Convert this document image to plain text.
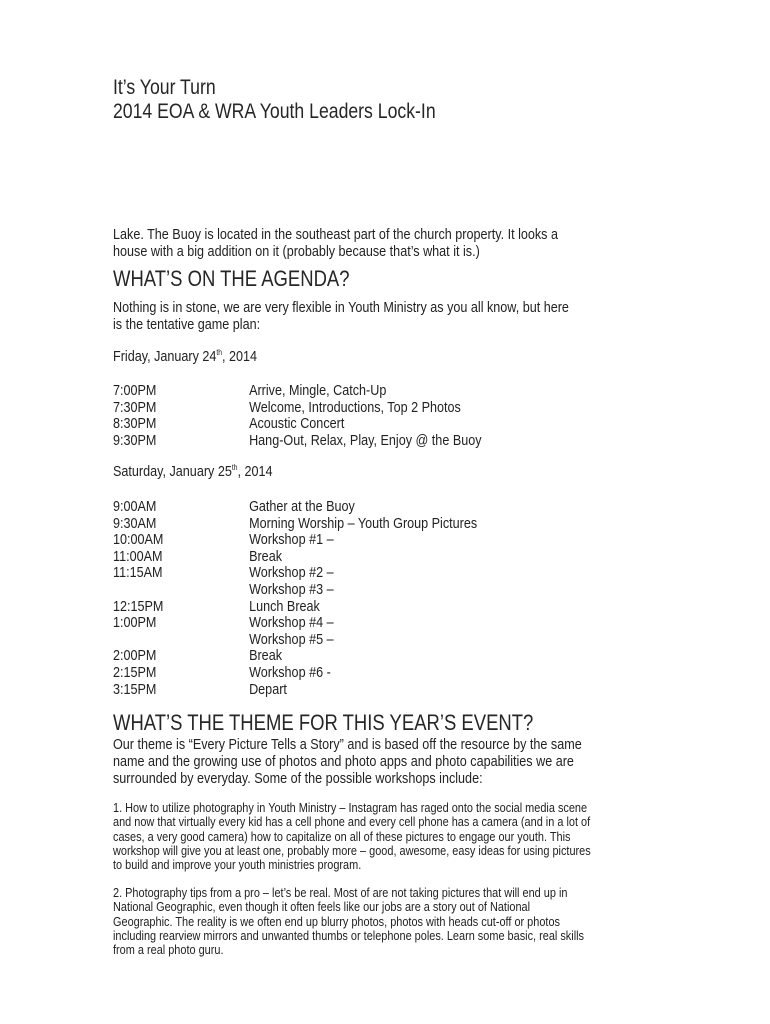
It’s Your Turn
2014 EOA & WRA Youth Leaders Lock-In
Lake. The Buoy is located in the southeast part of the church property. It looks a
house with a big addition on it (probably because that’s what it is.)
WHAT’S ON THE AGENDA?
Nothing is in stone, we are very flexible in Youth Ministry as you all know, but here
is the tentative game plan:
Friday, January 24th, 2014
7:00PM	Arrive, Mingle, Catch-Up
7:30PM	Welcome, Introductions, Top 2 Photos
8:30PM	Acoustic Concert
9:30PM	Hang-Out, Relax, Play, Enjoy @ the Buoy
Saturday, January 25th, 2014
9:00AM	Gather at the Buoy
9:30AM	Morning Worship – Youth Group Pictures
10:00AM	Workshop #1 –
11:00AM	Break
11:15AM	Workshop #2 –
Workshop #3 –
12:15PM	Lunch Break
1:00PM	Workshop #4 –
Workshop #5 –
2:00PM	Break
2:15PM	Workshop #6 -
3:15PM	Depart
WHAT’S THE THEME FOR THIS YEAR’S EVENT?
Our theme is “Every Picture Tells a Story” and is based off the resource by the same
name and the growing use of photos and photo apps and photo capabilities we are
surrounded by everyday. Some of the possible workshops include:
1. How to utilize photography in Youth Ministry – Instagram has raged onto the social media scene
and now that virtually every kid has a cell phone and every cell phone has a camera (and in a lot of
cases, a very good camera) how to capitalize on all of these pictures to engage our youth. This
workshop will give you at least one, probably more – good, awesome, easy ideas for using pictures
to build and improve your youth ministries program.
2. Photography tips from a pro – let’s be real. Most of are not taking pictures that will end up in
National Geographic, even though it often feels like our jobs are a story out of National
Geographic. The reality is we often end up blurry photos, photos with heads cut-off or photos
including rearview mirrors and unwanted thumbs or telephone poles. Learn some basic, real skills
from a real photo guru.
